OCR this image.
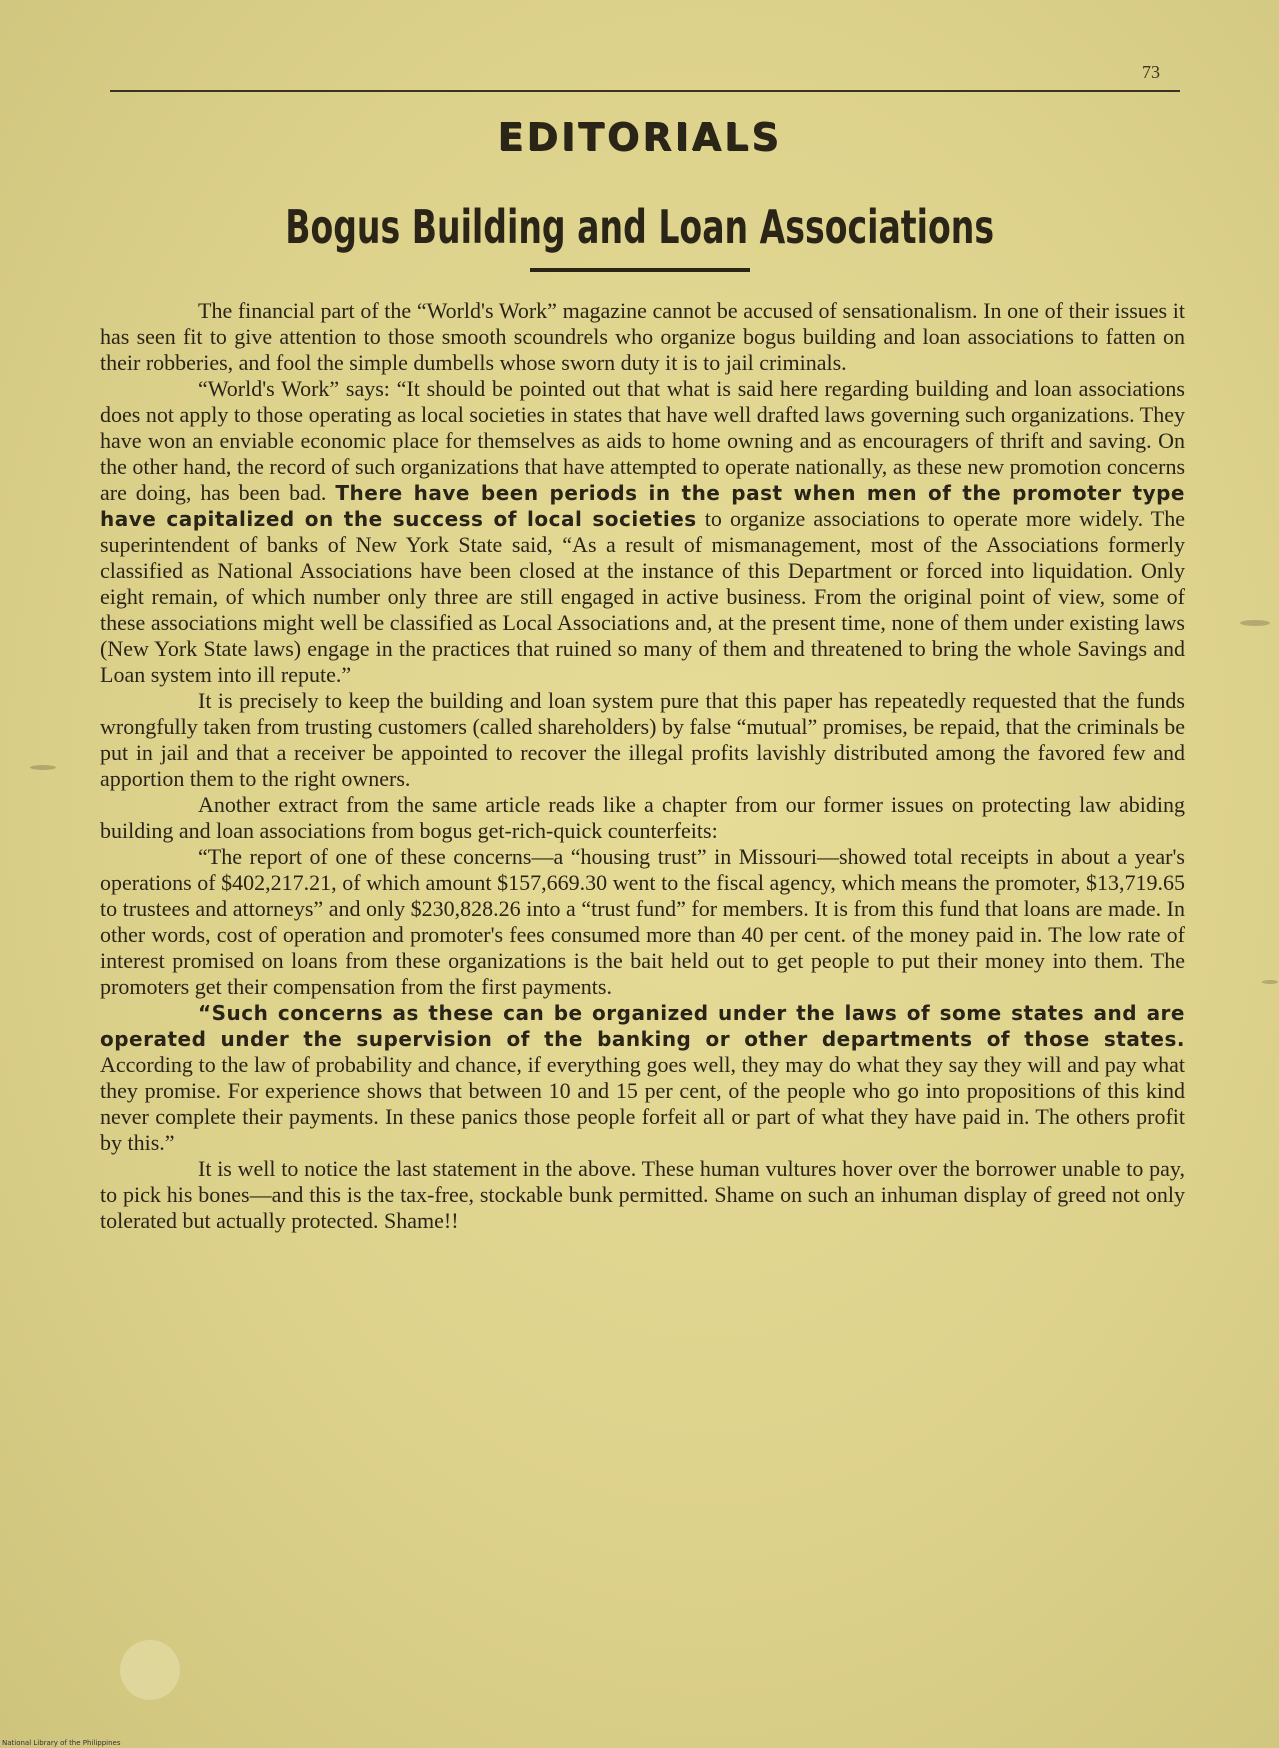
73
EDITORIALS
Bogus Building and Loan Associations

The financial part of the “World's Work” magazine cannot be accused of sensationalism. In one of their issues it has seen fit to give attention to those smooth scoundrels who organize bogus building and loan associations to fatten on their robberies, and fool the simple dumbells whose sworn duty it is to jail criminals.

“World's Work” says: “It should be pointed out that what is said here regarding building and loan associations does not apply to those operating as local societies in states that have well drafted laws governing such organizations. They have won an enviable economic place for themselves as aids to home owning and as encouragers of thrift and saving. On the other hand, the record of such organizations that have attempted to operate nationally, as these new promotion concerns are doing, has been bad. There have been periods in the past when men of the promoter type have capitalized on the success of local societies to organize associations to operate more widely. The superintendent of banks of New York State said, “As a result of mismanagement, most of the Associations formerly classified as National Associations have been closed at the instance of this Department or forced into liquidation. Only eight remain, of which number only three are still engaged in active business. From the original point of view, some of these associations might well be classified as Local Associations and, at the present time, none of them under existing laws (New York State laws) engage in the practices that ruined so many of them and threatened to bring the whole Savings and Loan system into ill repute.”

It is precisely to keep the building and loan system pure that this paper has repeatedly requested that the funds wrongfully taken from trusting customers (called shareholders) by false “mutual” promises, be repaid, that the criminals be put in jail and that a receiver be appointed to recover the illegal profits lavishly distributed among the favored few and apportion them to the right owners.

Another extract from the same article reads like a chapter from our former issues on protecting law abiding building and loan associations from bogus get-rich-quick counterfeits:

“The report of one of these concerns—a “housing trust” in Missouri—showed total receipts in about a year's operations of $402,217.21, of which amount $157,669.30 went to the fiscal agency, which means the promoter, $13,719.65 to trustees and attorneys” and only $230,828.26 into a “trust fund” for members. It is from this fund that loans are made. In other words, cost of operation and promoter's fees consumed more than 40 per cent. of the money paid in. The low rate of interest promised on loans from these organizations is the bait held out to get people to put their money into them. The promoters get their compensation from the first payments.

“Such concerns as these can be organized under the laws of some states and are operated under the supervision of the banking or other departments of those states. According to the law of probability and chance, if everything goes well, they may do what they say they will and pay what they promise. For experience shows that between 10 and 15 per cent, of the people who go into propositions of this kind never complete their payments. In these panics those people forfeit all or part of what they have paid in. The others profit by this.”

It is well to notice the last statement in the above. These human vultures hover over the borrower unable to pay, to pick his bones—and this is the tax-free, stockable bunk permitted. Shame on such an inhuman display of greed not only tolerated but actually protected. Shame!!

National Library of the Philippines
